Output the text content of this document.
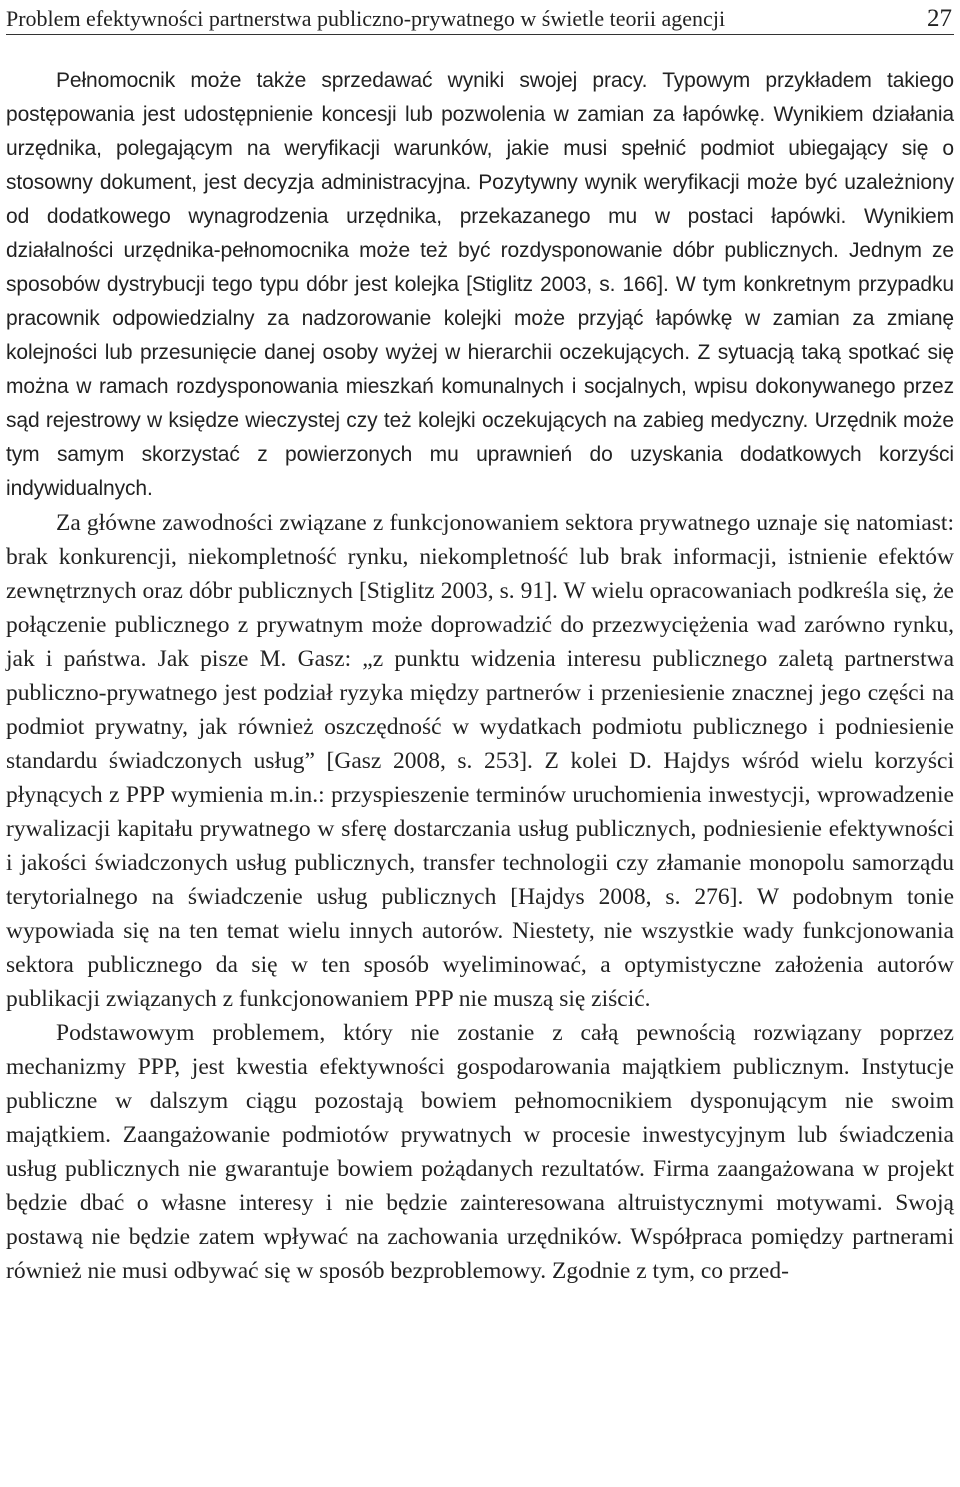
Problem efektywności partnerstwa publiczno-prywatnego w świetle teorii agencji	27

Pełnomocnik może także sprzedawać wyniki swojej pracy. Typowym przykładem takiego postępowania jest udostępnienie koncesji lub pozwolenia w zamian za łapówkę. Wynikiem działania urzędnika, polegającym na weryfikacji warunków, jakie musi spełnić podmiot ubiegający się o stosowny dokument, jest decyzja administracyjna. Pozytywny wynik weryfikacji może być uzależniony od dodatkowego wynagrodzenia urzędnika, przekazanego mu w postaci łapówki. Wynikiem działalności urzędnika-pełnomocnika może też być rozdysponowanie dóbr publicznych. Jednym ze sposobów dystrybucji tego typu dóbr jest kolejka [Stiglitz 2003, s. 166]. W tym konkretnym przypadku pracownik odpowiedzialny za nadzorowanie kolejki może przyjąć łapówkę w zamian za zmianę kolejności lub przesunięcie danej osoby wyżej w hierarchii oczekujących. Z sytuacją taką spotkać się można w ramach rozdysponowania mieszkań komunalnych i socjalnych, wpisu dokonywanego przez sąd rejestrowy w księdze wieczystej czy też kolejki oczekujących na zabieg medyczny. Urzędnik może tym samym skorzystać z powierzonych mu uprawnień do uzyskania dodatkowych korzyści indywidualnych.

Za główne zawodności związane z funkcjonowaniem sektora prywatnego uznaje się natomiast: brak konkurencji, niekompletność rynku, niekompletność lub brak informacji, istnienie efektów zewnętrznych oraz dóbr publicznych [Stiglitz 2003, s. 91]. W wielu opracowaniach podkreśla się, że połączenie publicznego z prywatnym może doprowadzić do przezwyciężenia wad zarówno rynku, jak i państwa. Jak pisze M. Gasz: „z punktu widzenia interesu publicznego zaletą partnerstwa publiczno-prywatnego jest podział ryzyka między partnerów i przeniesienie znacznej jego części na podmiot prywatny, jak również oszczędność w wydatkach podmiotu publicznego i podniesienie standardu świadczonych usług” [Gasz 2008, s. 253]. Z kolei D. Hajdys wśród wielu korzyści płynących z PPP wymienia m.in.: przyspieszenie terminów uruchomienia inwestycji, wprowadzenie rywalizacji kapitału prywatnego w sferę dostarczania usług publicznych, podniesienie efektywności i jakości świadczonych usług publicznych, transfer technologii czy złamanie monopolu samorządu terytorialnego na świadczenie usług publicznych [Hajdys 2008, s. 276]. W podobnym tonie wypowiada się na ten temat wielu innych autorów. Niestety, nie wszystkie wady funkcjonowania sektora publicznego da się w ten sposób wyeliminować, a optymistyczne założenia autorów publikacji związanych z funkcjonowaniem PPP nie muszą się ziścić.

Podstawowym problemem, który nie zostanie z całą pewnością rozwiązany poprzez mechanizmy PPP, jest kwestia efektywności gospodarowania majątkiem publicznym. Instytucje publiczne w dalszym ciągu pozostają bowiem pełnomocnikiem dysponującym nie swoim majątkiem. Zaangażowanie podmiotów prywatnych w procesie inwestycyjnym lub świadczenia usług publicznych nie gwarantuje bowiem pożądanych rezultatów. Firma zaangażowana w projekt będzie dbać o własne interesy i nie będzie zainteresowana altruistycznymi motywami. Swoją postawą nie będzie zatem wpływać na zachowania urzędników. Współpraca pomiędzy partnerami również nie musi odbywać się w sposób bezproblemowy. Zgodnie z tym, co przed-
